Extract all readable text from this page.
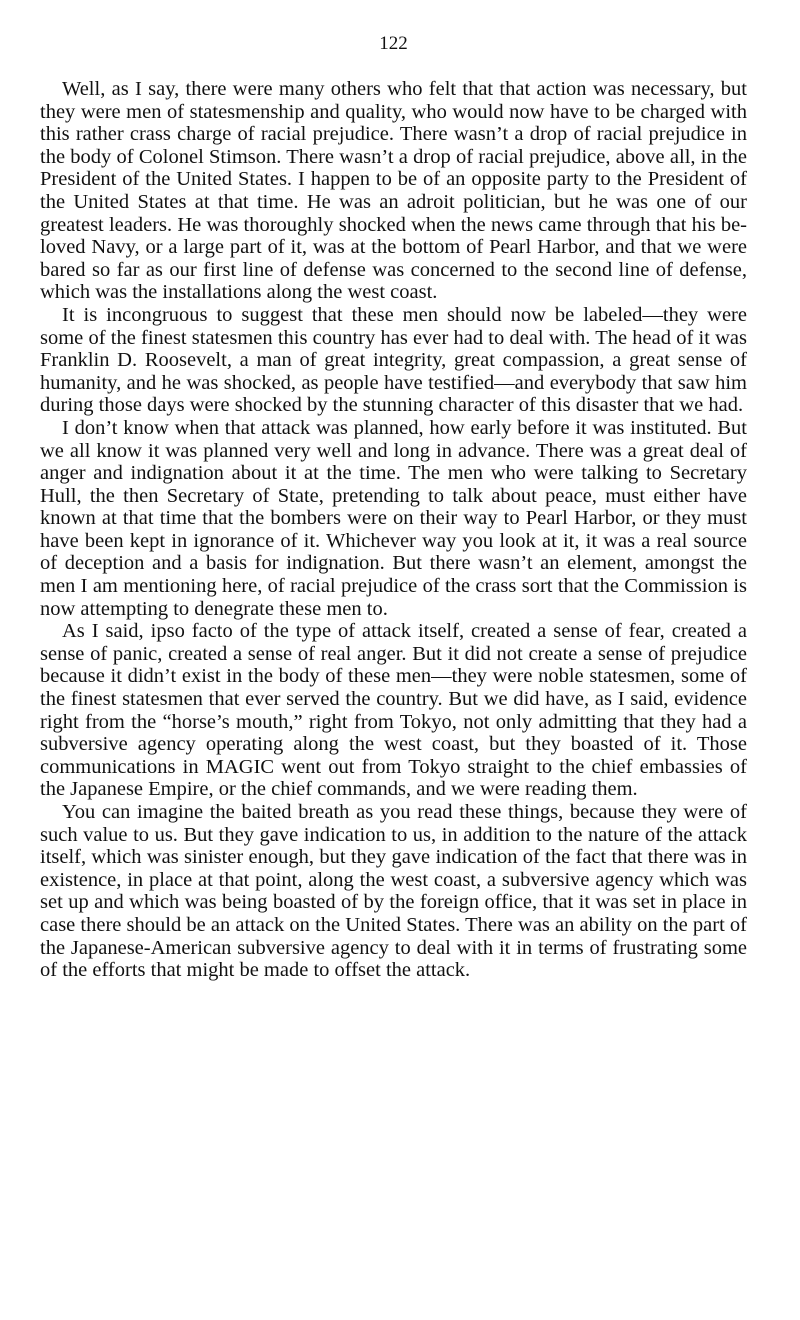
122

Well, as I say, there were many others who felt that that action was necessary, but they were men of statesmenship and quality, who would now have to be charged with this rather crass charge of racial prejudice. There wasn’t a drop of racial prejudice in the body of Colonel Stimson. There wasn’t a drop of racial prejudice, above all, in the President of the United States. I happen to be of an opposite party to the President of the United States at that time. He was an adroit politician, but he was one of our greatest leaders. He was thoroughly shocked when the news came through that his beloved Navy, or a large part of it, was at the bottom of Pearl Harbor, and that we were bared so far as our first line of defense was concerned to the second line of defense, which was the installations along the west coast.

It is incongruous to suggest that these men should now be labeled—they were some of the finest statesmen this country has ever had to deal with. The head of it was Franklin D. Roosevelt, a man of great integrity, great compassion, a great sense of humanity, and he was shocked, as people have testified—and everybody that saw him during those days were shocked by the stunning character of this disaster that we had.

I don’t know when that attack was planned, how early before it was instituted. But we all know it was planned very well and long in advance. There was a great deal of anger and indignation about it at the time. The men who were talking to Secretary Hull, the then Secretary of State, pretending to talk about peace, must either have known at that time that the bombers were on their way to Pearl Harbor, or they must have been kept in ignorance of it. Whichever way you look at it, it was a real source of deception and a basis for indignation. But there wasn’t an element, amongst the men I am mentioning here, of racial prejudice of the crass sort that the Commission is now attempting to denegrate these men to.

As I said, ipso facto of the type of attack itself, created a sense of fear, created a sense of panic, created a sense of real anger. But it did not create a sense of prejudice because it didn’t exist in the body of these men—they were noble statesmen, some of the finest statesmen that ever served the country. But we did have, as I said, evidence right from the “horse’s mouth,” right from Tokyo, not only admitting that they had a subversive agency operating along the west coast, but they boasted of it. Those communications in MAGIC went out from Tokyo straight to the chief embassies of the Japanese Empire, or the chief commands, and we were reading them.

You can imagine the baited breath as you read these things, because they were of such value to us. But they gave indication to us, in addition to the nature of the attack itself, which was sinister enough, but they gave indication of the fact that there was in existence, in place at that point, along the west coast, a subversive agency which was set up and which was being boasted of by the foreign office, that it was set in place in case there should be an attack on the United States. There was an ability on the part of the Japanese-American subversive agency to deal with it in terms of frustrating some of the efforts that might be made to offset the attack.
